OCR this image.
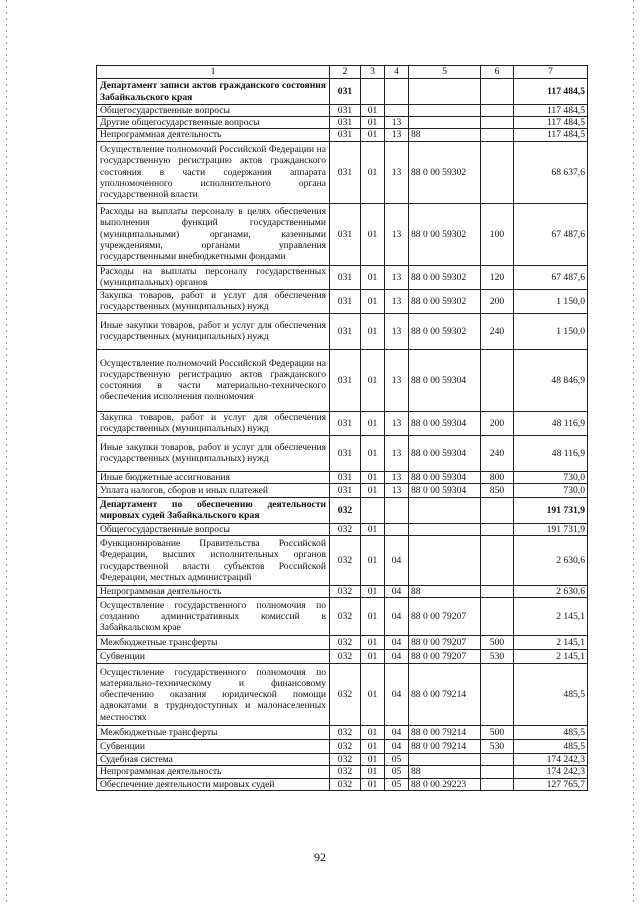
1	2	3	4	5	6	7
Департамент записи актов гражданского состояния Забайкальского края	031					117 484,5
Общегосударственные вопросы	031	01				117 484,5
Другие общегосударственные вопросы	031	01	13			117 484,5
Непрограммная деятельность	031	01	13	88		117 484,5
Осуществление полномочий Российской Федерации на государственную регистрацию актов гражданского состояния в части содержания аппарата уполномоченного исполнительного органа государственной власти	031	01	13	88 0 00 59302		68 637,6
Расходы на выплаты персоналу в целях обеспечения выполнения функций государственными (муниципальными) органами, казенными учреждениями, органами управления государственными внебюджетными фондами	031	01	13	88 0 00 59302	100	67 487,6
Расходы на выплаты персоналу государственных (муниципальных) органов	031	01	13	88 0 00 59302	120	67 487,6
Закупка товаров, работ и услуг для обеспечения государственных (муниципальных) нужд	031	01	13	88 0 00 59302	200	1 150,0
Иные закупки товаров, работ и услуг для обеспечения государственных (муниципальных) нужд	031	01	13	88 0 00 59302	240	1 150,0
Осуществление полномочий Российской Федерации на государственную регистрацию актов гражданского состояния в части материально-технического обеспечения исполнения полномочия	031	01	13	88 0 00 59304		48 846,9
Закупка товаров, работ и услуг для обеспечения государственных (муниципальных) нужд	031	01	13	88 0 00 59304	200	48 116,9
Иные закупки товаров, работ и услуг для обеспечения государственных (муниципальных) нужд	031	01	13	88 0 00 59304	240	48 116,9
Иные бюджетные ассигнования	031	01	13	88 0 00 59304	800	730,0
Уплата налогов, сборов и иных платежей	031	01	13	88 0 00 59304	850	730,0
Департамент по обеспечению деятельности мировых судей Забайкальского края	032					191 731,9
Общегосударственные вопросы	032	01				191 731,9
Функционирование Правительства Российской Федерации, высших исполнительных органов государственной власти субъектов Российской Федерации, местных администраций	032	01	04			2 630,6
Непрограммная деятельность	032	01	04	88		2 630,6
Осуществление государственного полномочия по созданию административных комиссий в Забайкальском крае	032	01	04	88 0 00 79207		2 145,1
Межбюджетные трансферты	032	01	04	88 0 00 79207	500	2 145,1
Субвенции	032	01	04	88 0 00 79207	530	2 145,1
Осуществление государственного полномочия по материально-техническому и финансовому обеспечению оказания юридической помощи адвокатами в труднодоступных и малонаселенных местностях	032	01	04	88 0 00 79214		485,5
Межбюджетные трансферты	032	01	04	88 0 00 79214	500	485,5
Субвенции	032	01	04	88 0 00 79214	530	485,5
Судебная система	032	01	05			174 242,3
Непрограммная деятельность	032	01	05	88		174 242,3
Обеспечение деятельности мировых судей	032	01	05	88 0 00 29223		127 765,7
92
